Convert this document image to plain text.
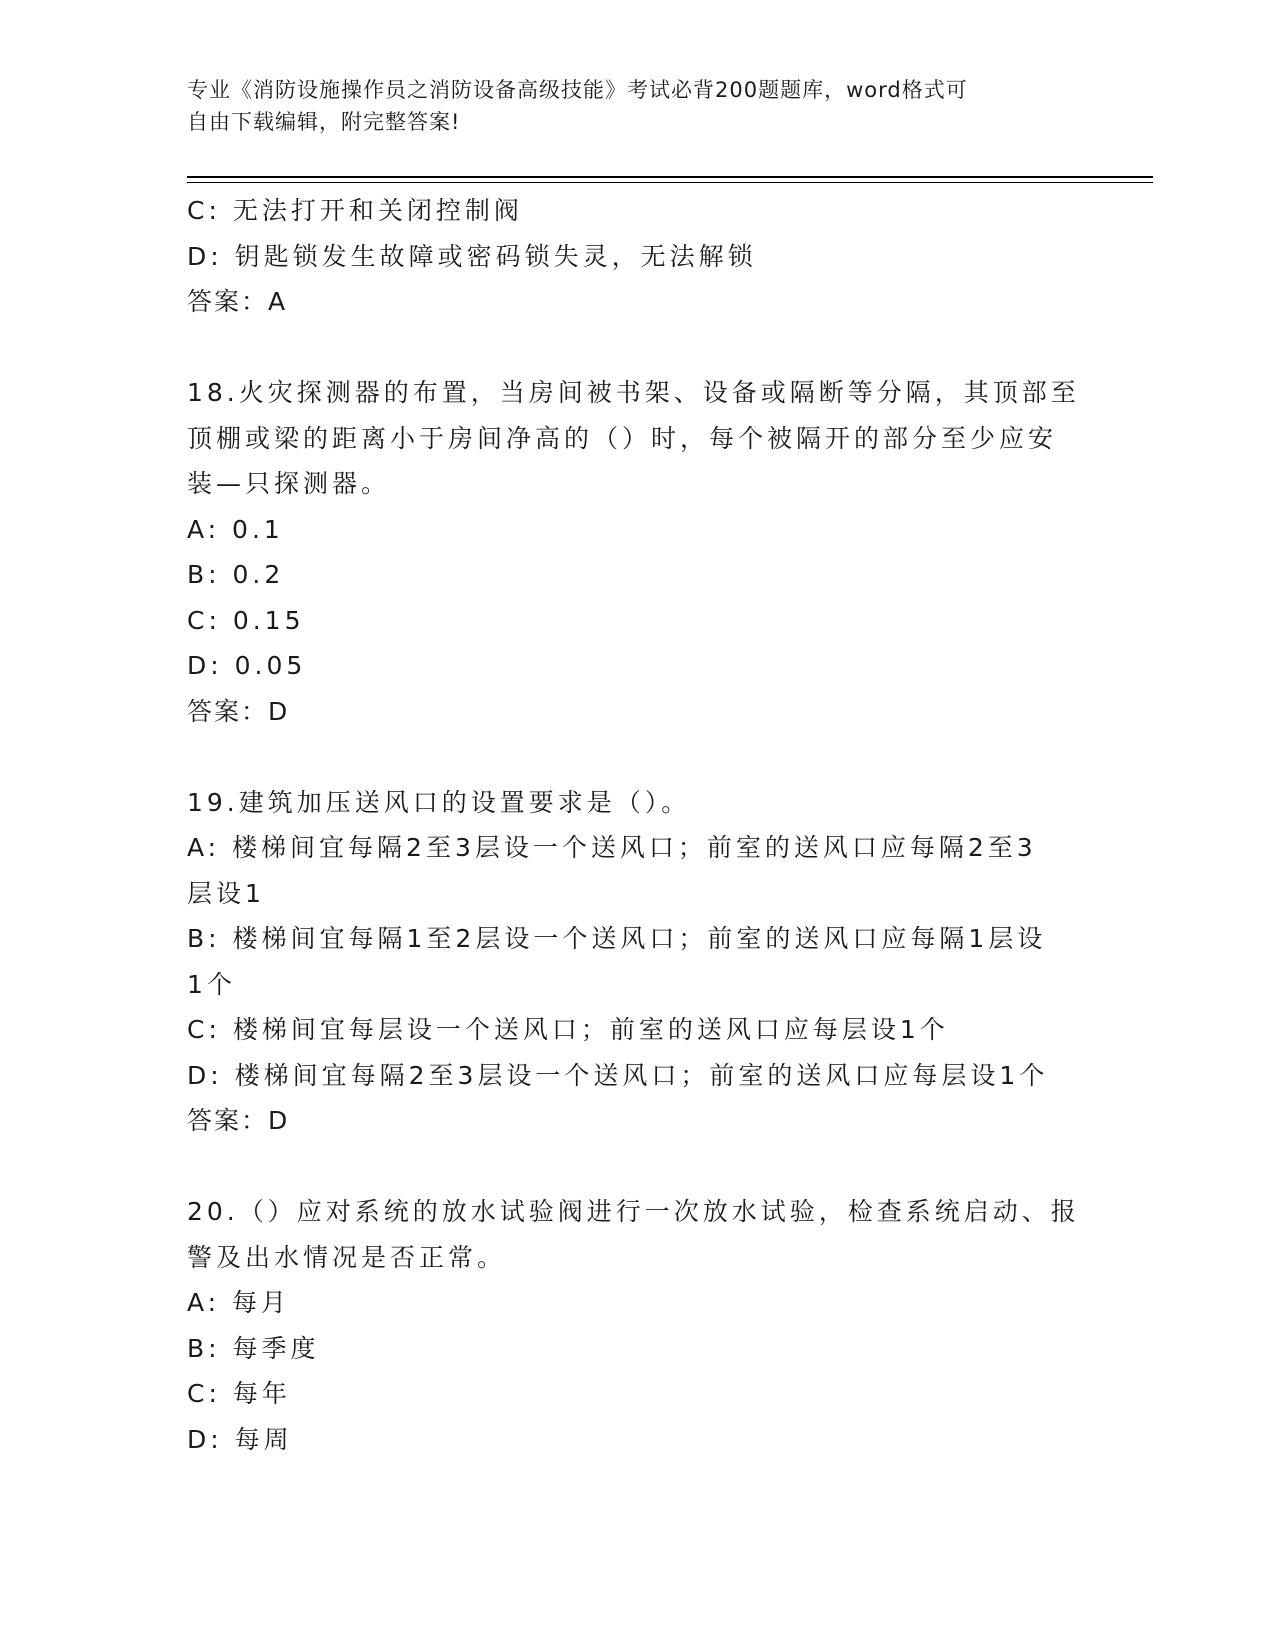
专业《消防设施操作员之消防设备高级技能》考试必背200题题库，word格式可
自由下载编辑，附完整答案!

C: 无法打开和关闭控制阀

D: 钥匙锁发生故障或密码锁失灵，无法解锁

答案：A

18.火灾探测器的布置，当房间被书架、设备或隔断等分隔，其顶部至

顶棚或梁的距离小于房间净高的（）时，每个被隔开的部分至少应安

装—只探测器。

A: 0.1

B: 0.2

C: 0.15

D: 0.05

答案：D

19.建筑加压送风口的设置要求是（）。

A: 楼梯间宜每隔2至3层设一个送风口；前室的送风口应每隔2至3

层设1

B: 楼梯间宜每隔1至2层设一个送风口；前室的送风口应每隔1层设

1个

C: 楼梯间宜每层设一个送风口；前室的送风口应每层设1个

D: 楼梯间宜每隔2至3层设一个送风口；前室的送风口应每层设1个

答案：D

20.（）应对系统的放水试验阀进行一次放水试验，检查系统启动、报

警及出水情况是否正常。

A: 每月

B: 每季度

C: 每年

D: 每周
